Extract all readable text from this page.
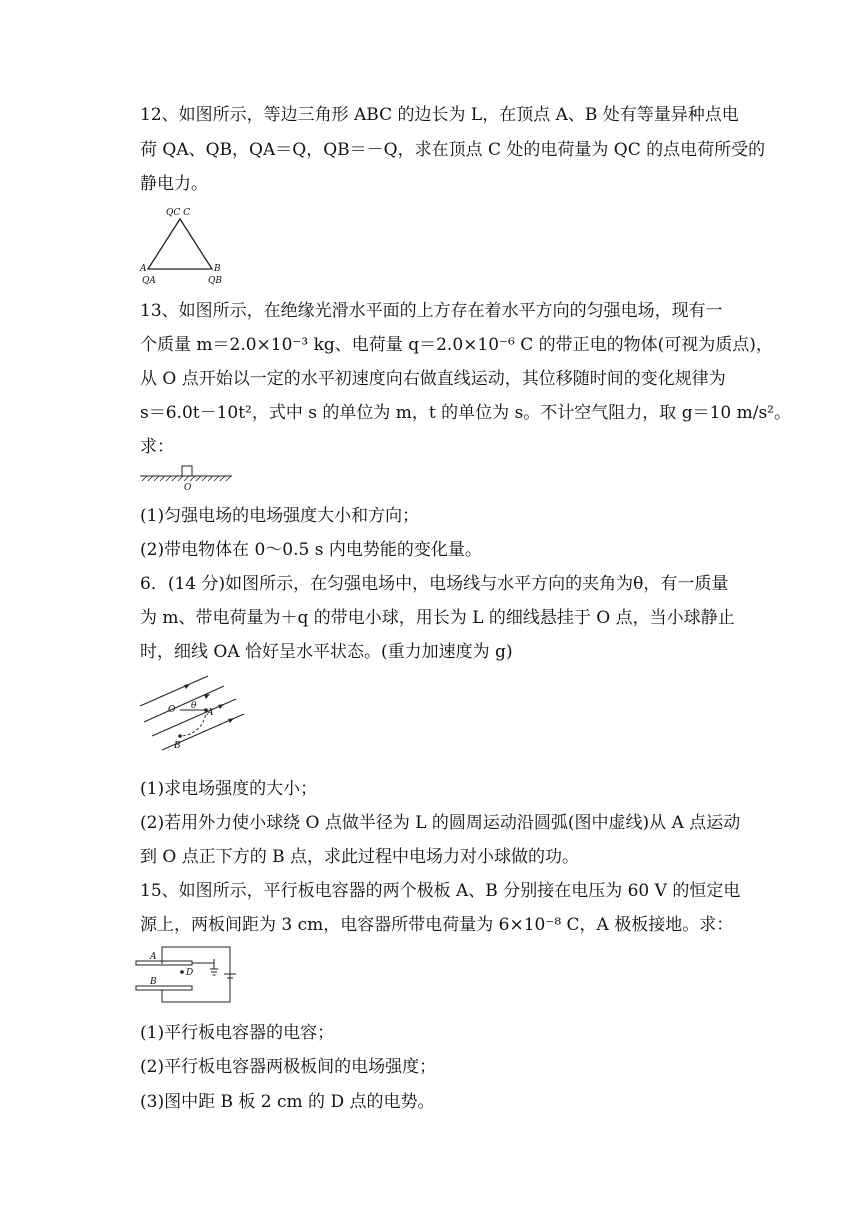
12、如图所示，等边三角形 ABC 的边长为 L，在顶点 A、B 处有等量异种点电

荷 QA、QB，QA＝Q，QB＝－Q，求在顶点 C 处的电荷量为 QC 的点电荷所受的

静电力。

QC C
A	B
QA	QB

13、如图所示，在绝缘光滑水平面的上方存在着水平方向的匀强电场，现有一

个质量 m＝2.0×10⁻³ kg、电荷量 q＝2.0×10⁻⁶ C 的带正电的物体(可视为质点)，

从 O 点开始以一定的水平初速度向右做直线运动，其位移随时间的变化规律为

s＝6.0t－10t²，式中 s 的单位为 m，t 的单位为 s。不计空气阻力，取 g＝10 m/s²。

求：

O

(1)匀强电场的电场强度大小和方向；

(2)带电物体在 0～0.5 s 内电势能的变化量。

6．(14 分)如图所示，在匀强电场中，电场线与水平方向的夹角为θ，有一质量

为 m、带电荷量为＋q 的带电小球，用长为 L 的细线悬挂于 O 点，当小球静止

时，细线 OA 恰好呈水平状态。(重力加速度为 g)

O θ
A
B

(1)求电场强度的大小；

(2)若用外力使小球绕 O 点做半径为 L 的圆周运动沿圆弧(图中虚线)从 A 点运动

到 O 点正下方的 B 点，求此过程中电场力对小球做的功。

15、如图所示，平行板电容器的两个极板 A、B 分别接在电压为 60 V 的恒定电

源上，两板间距为 3 cm，电容器所带电荷量为 6×10⁻⁸ C，A 极板接地。求：

A
B
D

(1)平行板电容器的电容；

(2)平行板电容器两极板间的电场强度；

(3)图中距 B 板 2 cm 的 D 点的电势。
